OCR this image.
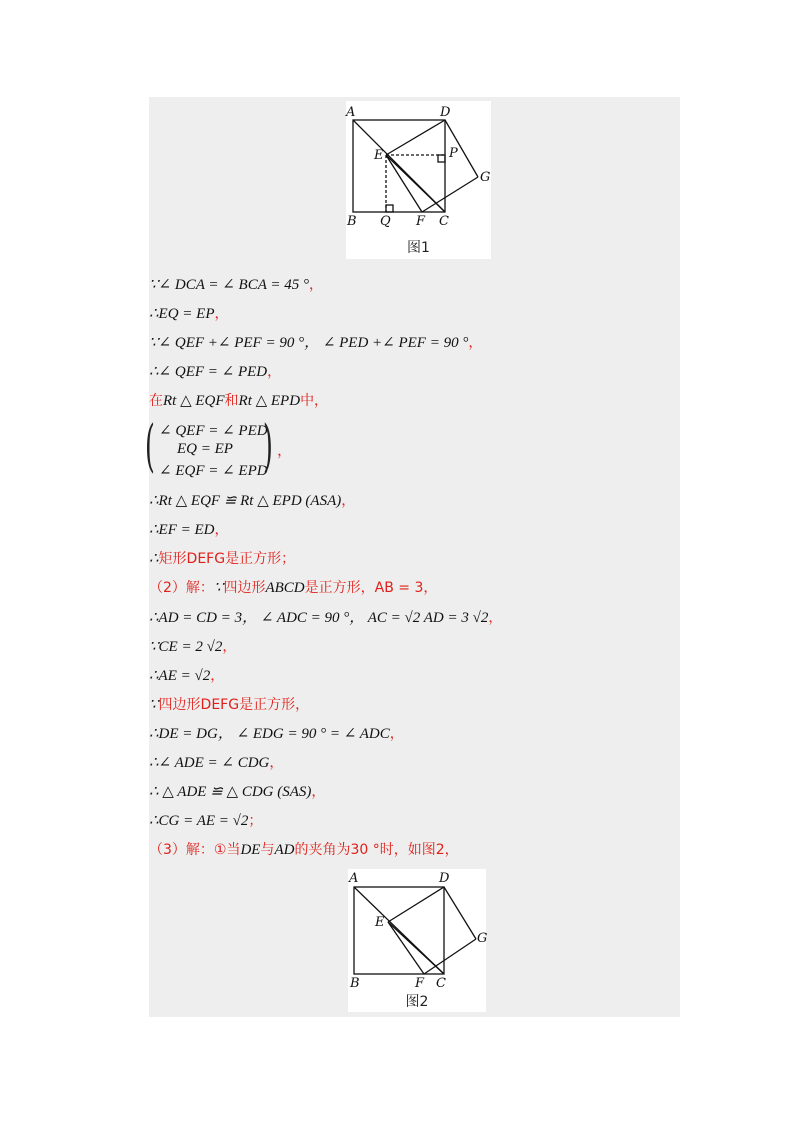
A	D
E	P
G
B Q F C
图1
∵∠ DCA = ∠ BCA = 45 °，
∴EQ = EP，
∵∠ QEF +∠ PEF = 90 °， ∠ PED +∠ PEF = 90 °，
∴∠ QEF = ∠ PED，
在Rt △ EQF和Rt △ EPD中，
( ∠ QEF = ∠ PED
EQ = EP
∠ EQF = ∠ EPD
) ，
∴Rt △ EQF ≌ Rt △ EPD (ASA)，
∴EF = ED，
∴矩形DEFG是正方形；
（2）解：∵四边形ABCD是正方形，AB = 3，
∴AD = CD = 3， ∠ ADC = 90 °， AC = √2 AD = 3 √2，
∵CE = 2 √2，
∴AE = √2，
∵四边形DEFG是正方形，
∴DE = DG， ∠ EDG = 90 ° = ∠ ADC，
∴∠ ADE = ∠ CDG，
∴ △ ADE ≌ △ CDG (SAS)，
∴CG = AE = √2；
（3）解：①当DE与AD的夹角为30 °时，如图2，
A	D
E
G
B	F C
图2
